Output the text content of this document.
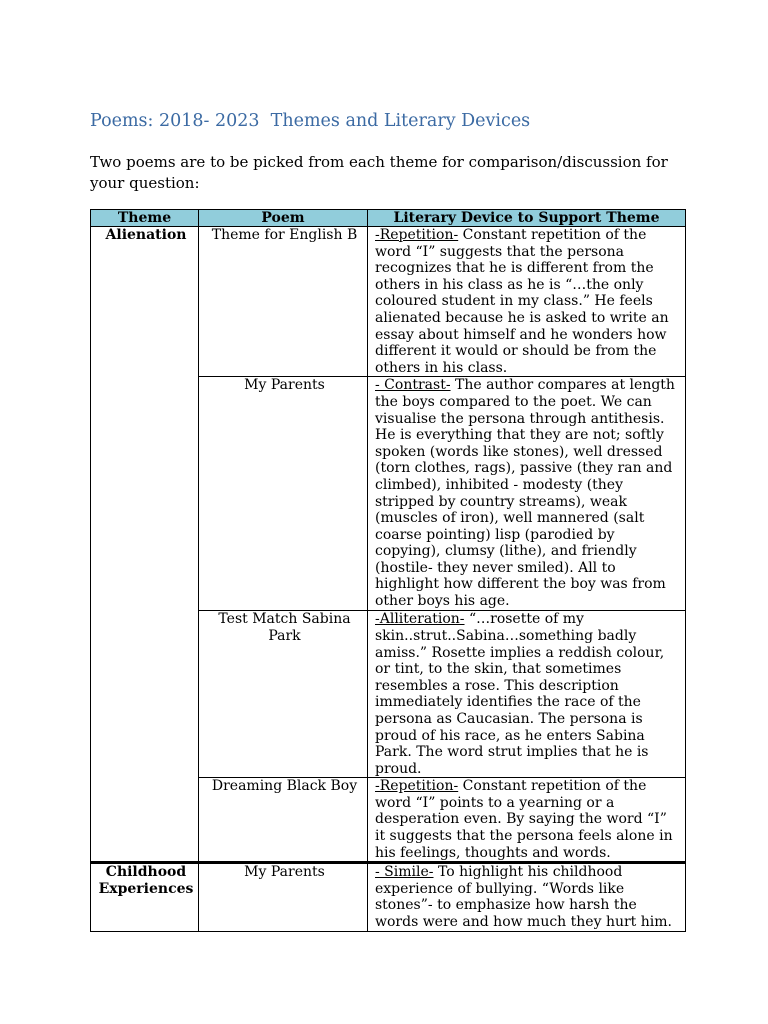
Poems: 2018- 2023  Themes and Literary Devices
Two poems are to be picked from each theme for comparison/discussion for your question:
Theme	Poem	Literary Device to Support Theme
Alienation	Theme for English B	-Repetition- Constant repetition of the word “I” suggests that the persona recognizes that he is different from the others in his class as he is “…the only coloured student in my class.” He feels alienated because he is asked to write an essay about himself and he wonders how different it would or should be from the others in his class.
	My Parents	- Contrast- The author compares at length the boys compared to the poet. We can visualise the persona through antithesis. He is everything that they are not; softly spoken (words like stones), well dressed (torn clothes, rags), passive (they ran and climbed), inhibited - modesty (they stripped by country streams), weak (muscles of iron), well mannered (salt coarse pointing) lisp (parodied by copying), clumsy (lithe), and friendly (hostile- they never smiled). All to highlight how different the boy was from other boys his age.
	Test Match Sabina Park	-Alliteration- “…rosette of my skin..strut..Sabina…something badly amiss.” Rosette implies a reddish colour, or tint, to the skin, that sometimes resembles a rose. This description immediately identifies the race of the persona as Caucasian. The persona is proud of his race, as he enters Sabina Park. The word strut implies that he is proud.
	Dreaming Black Boy	-Repetition- Constant repetition of the word “I” points to a yearning or a desperation even. By saying the word “I” it suggests that the persona feels alone in his feelings, thoughts and words.
Childhood Experiences	My Parents	- Simile- To highlight his childhood experience of bullying. “Words like stones”- to emphasize how harsh the words were and how much they hurt him.
